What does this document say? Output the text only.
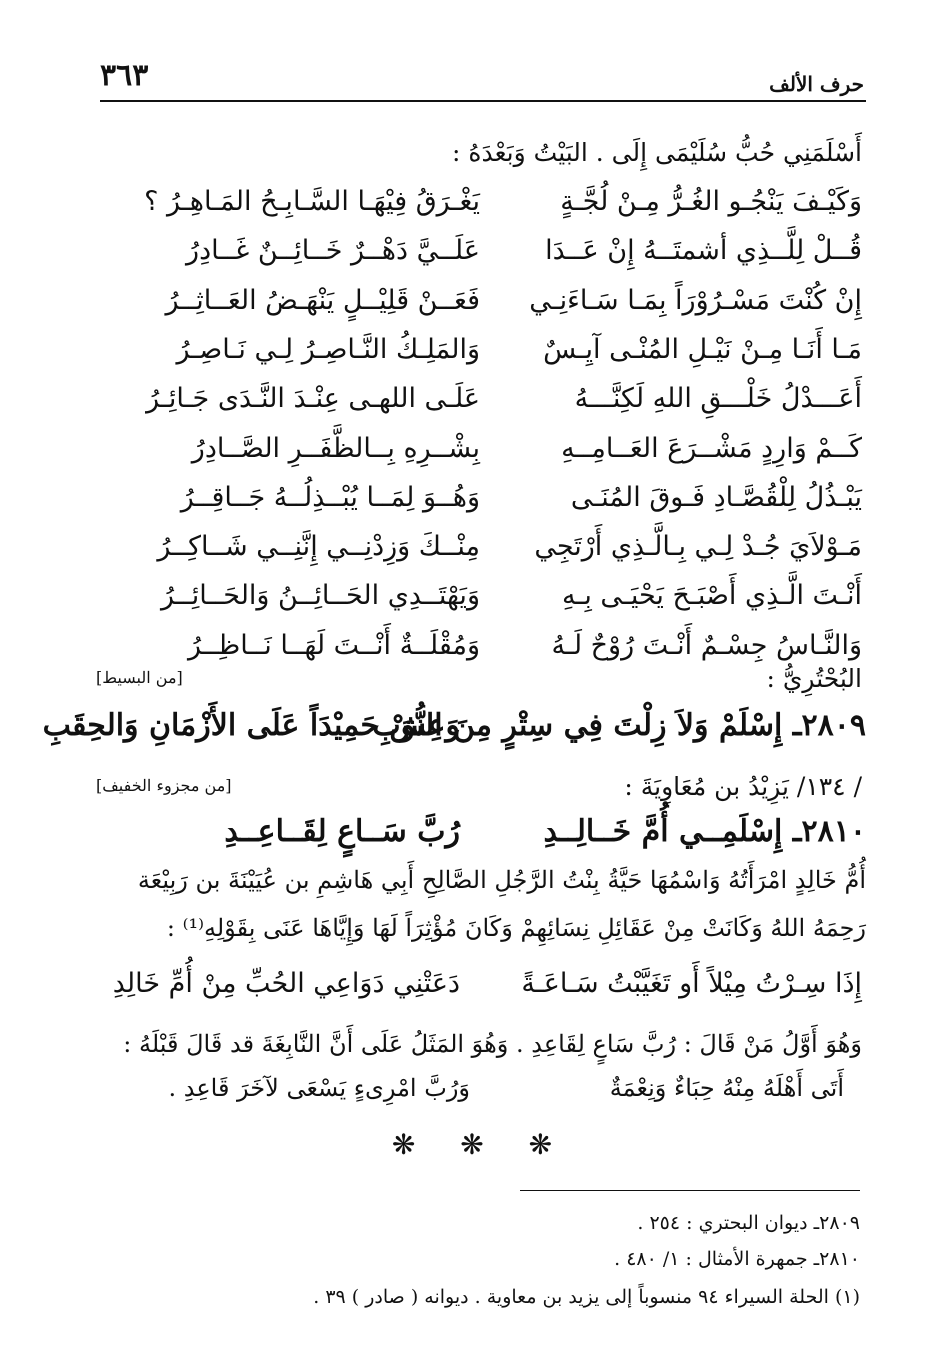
حرف الألف
٣٦٣
أَسْلَمَنِي حُبُّ سُلَيْمَى إِلَى . البَيْتُ وَبَعْدَهُ :
وَكَيْـفَ يَنْجُـو الغُـرُّ مِـنْ لُجَّـةٍ
يَغْـرَقُ فِيْهَـا السَّـابِـحُ المَـاهِـرُ ؟
قُــلْ لِلَّــذِي أشمتَــهُ إِنْ عَــدَا
عَلَــيَّ دَهْــرٌ خَــائِــنٌ غَــادِرُ
إِنْ كُنْتَ مَسْـرُوْرَاً بِمَـا سَـاءَنِـي
فَعَــنْ قَلِيْــلٍ يَنْهَـضُ العَــاثِــرُ
مَـا أَنَـا مِـنْ نَيْـلِ المُنْـى آيِـسٌ
وَالمَلِـكُ النَّـاصِـرُ لِـي نَـاصِـرُ
أَعَـــدْلُ خَلْـــقِ اللهِ لَكِنَّـــهُ
عَلَـى اللهـى عِنْـدَ النَّـدَى جَـائِـرُ
كَــمْ وَارِدٍ مَشْــرَعَ العَــامِــهِ
بِشْــرِهِ بِــالظَّفَــرِ الصَّــادِرُ
يَبْـذُلُ لِلْقُصَّـادِ فَـوقَ المُنَـى
وَهُــوَ لِمَــا يُبْــذِلُــهُ جَــاقِــرُ
مَـوْلاَيَ جُـدْ لِـي بِـالَّـذِي أَرْتَجِي
مِنْــكَ وَزِدْنِــي إِنَّنِــي شَــاكِــرُ
أَنْـتَ الَّـذِي أَصْبَـحَ يَحْيَـى بِـهِ
وَيَهْتَــدِي الحَــائِــنُ وَالحَــائِــرُ
وَالنَّـاسُ جِسْـمٌ أَنْـتَ رُوْحٌ لَـهُ
وَمُقْلَــةٌ أَنْــتَ لَهَــا نَــاظِــرُ
البُحْتُرِيُّ :
[من البسيط]
٢٨٠٩ـ إِسْلَمْ وَلاَ زِلْتَ فِي سِتْرٍ مِنَ النُّوَبِ
وَعِشْ حَمِيْدَاً عَلَى الأَزْمَانِ وَالحِقَبِ
/ ١٣٤/ يَزِيْدُ بن مُعَاوِيَةَ :
[من مجزوء الخفيف]
٢٨١٠ـ إِسْلَمِــي أُمَّ خَــالِــدِ
رُبَّ سَــاعٍ لِقَــاعِــدِ
أُمُّ خَالِدٍ امْرَأَتُهُ وَاسْمُهَا حَيَّةُ بِنْتُ الرَّجُلِ الصَّالِحِ أَبِي هَاشِمِ بن عُيَيْنَةَ بن رَبِيْعَة
رَحِمَهُ اللهُ وَكَانَتْ مِنْ عَقَائِلِ نِسَائِهِمْ وَكَانَ مُؤْثِرَاً لَهَا وَإِيَّاهَا عَنَى بِقَوْلِهِ⁽¹⁾ :
إِذَا سِـرْتُ مِيْلاً أَو تَغَيَّبْتُ سَـاعَـةً
دَعَتْنِي دَوَاعِي الحُبِّ مِنْ أُمِّ خَالِدِ
وَهُوَ أَوَّلُ مَنْ قَالَ : رُبَّ سَاعٍ لِقَاعِدِ . وَهُوَ المَثَلُ عَلَى أَنَّ النَّابِغَةَ قد قَالَ قَبْلَهُ :
أَتَى أَهْلَهُ مِنْهُ حِبَاءٌ وَنِعْمَةٌ
وَرُبَّ امْرِىءٍ يَسْعَى لآخَرَ قَاعِدِ .
❋ ❋ ❋
٢٨٠٩ـ ديوان البحتري : ٢٥٤ .
٢٨١٠ـ جمهرة الأمثال : ١/ ٤٨٠ .
(١) الحلة السيراء ٩٤ منسوباً إلى يزيد بن معاوية . ديوانه ( صادر ) ٣٩ .
